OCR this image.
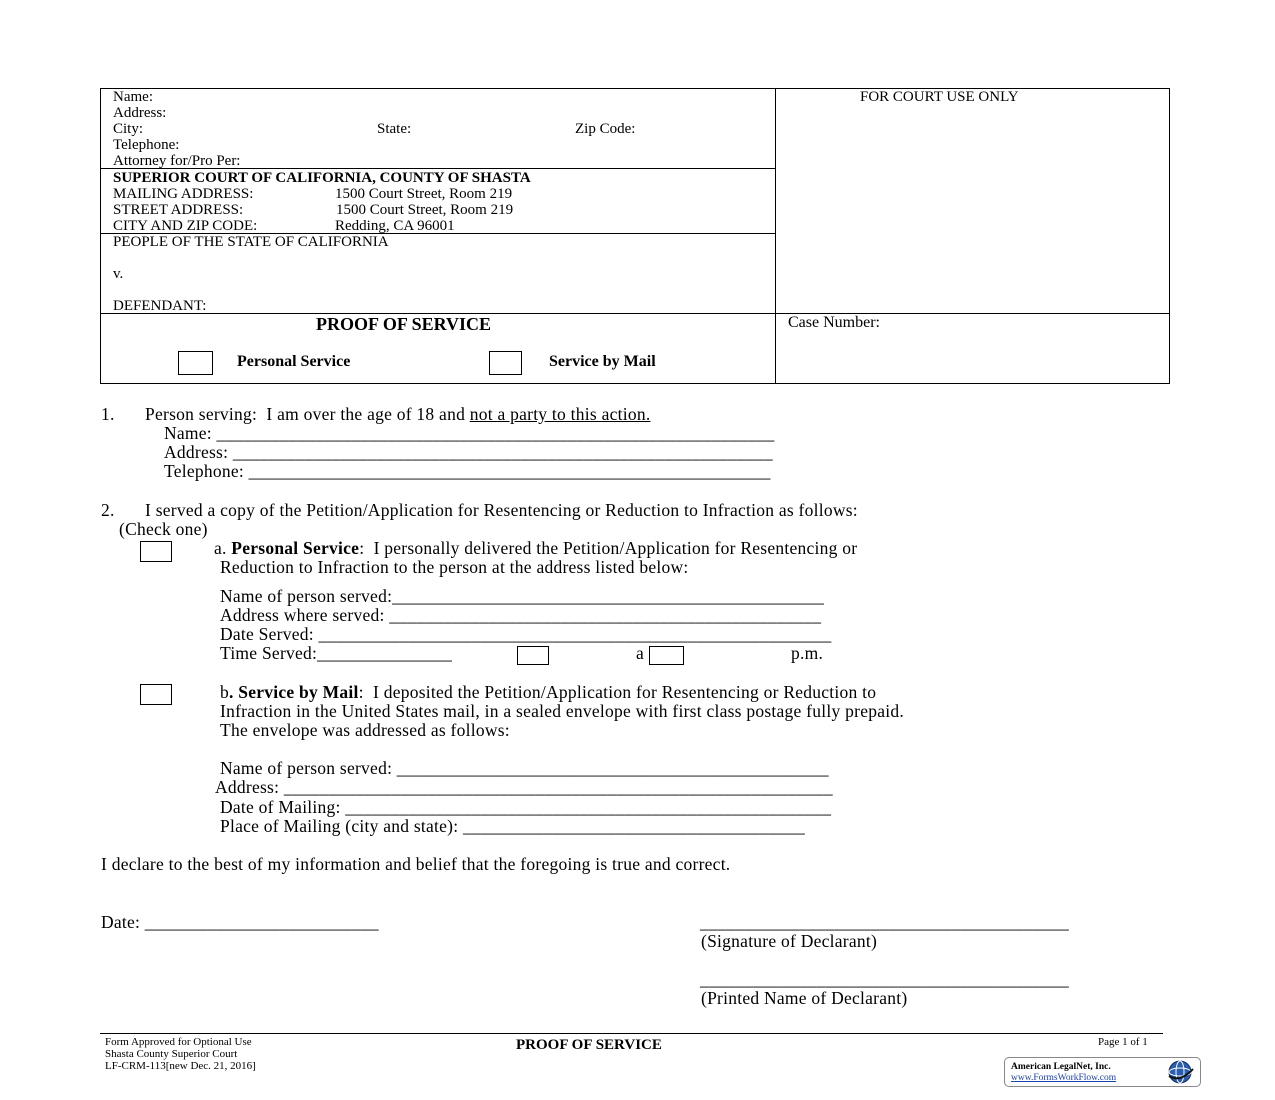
Name:
Address:
City:	State:	Zip Code:
Telephone:
Attorney for/Pro Per:
FOR COURT USE ONLY
SUPERIOR COURT OF CALIFORNIA, COUNTY OF SHASTA
MAILING ADDRESS:	1500 Court Street, Room 219
STREET ADDRESS:	1500 Court Street, Room 219
CITY AND ZIP CODE:	Redding, CA 96001
PEOPLE OF THE STATE OF CALIFORNIA
v.
DEFENDANT:
PROOF OF SERVICE	Case Number:
Personal Service	Service by Mail
1. Person serving:  I am over the age of 18 and not a party to this action.
Name: ______________________________________________________________
Address: ____________________________________________________________
Telephone: __________________________________________________________
2. I served a copy of the Petition/Application for Resentencing or Reduction to Infraction as follows:
(Check one)
a. Personal Service:  I personally delivered the Petition/Application for Resentencing or
Reduction to Infraction to the person at the address listed below:
Name of person served:________________________________________________
Address where served: ________________________________________________
Date Served: _________________________________________________________
Time Served:_______________	a	p.m.
b. Service by Mail:  I deposited the Petition/Application for Resentencing or Reduction to
Infraction in the United States mail, in a sealed envelope with first class postage fully prepaid.
The envelope was addressed as follows:
Name of person served: ________________________________________________
Address: _____________________________________________________________
Date of Mailing: ______________________________________________________
Place of Mailing (city and state): ______________________________________
I declare to the best of my information and belief that the foregoing is true and correct.
Date: __________________________	_________________________________________
(Signature of Declarant)
_________________________________________
(Printed Name of Declarant)
Form Approved for Optional Use
Shasta County Superior Court
LF-CRM-113[new Dec. 21, 2016]
PROOF OF SERVICE	Page 1 of 1
American LegalNet, Inc.
www.FormsWorkFlow.com
